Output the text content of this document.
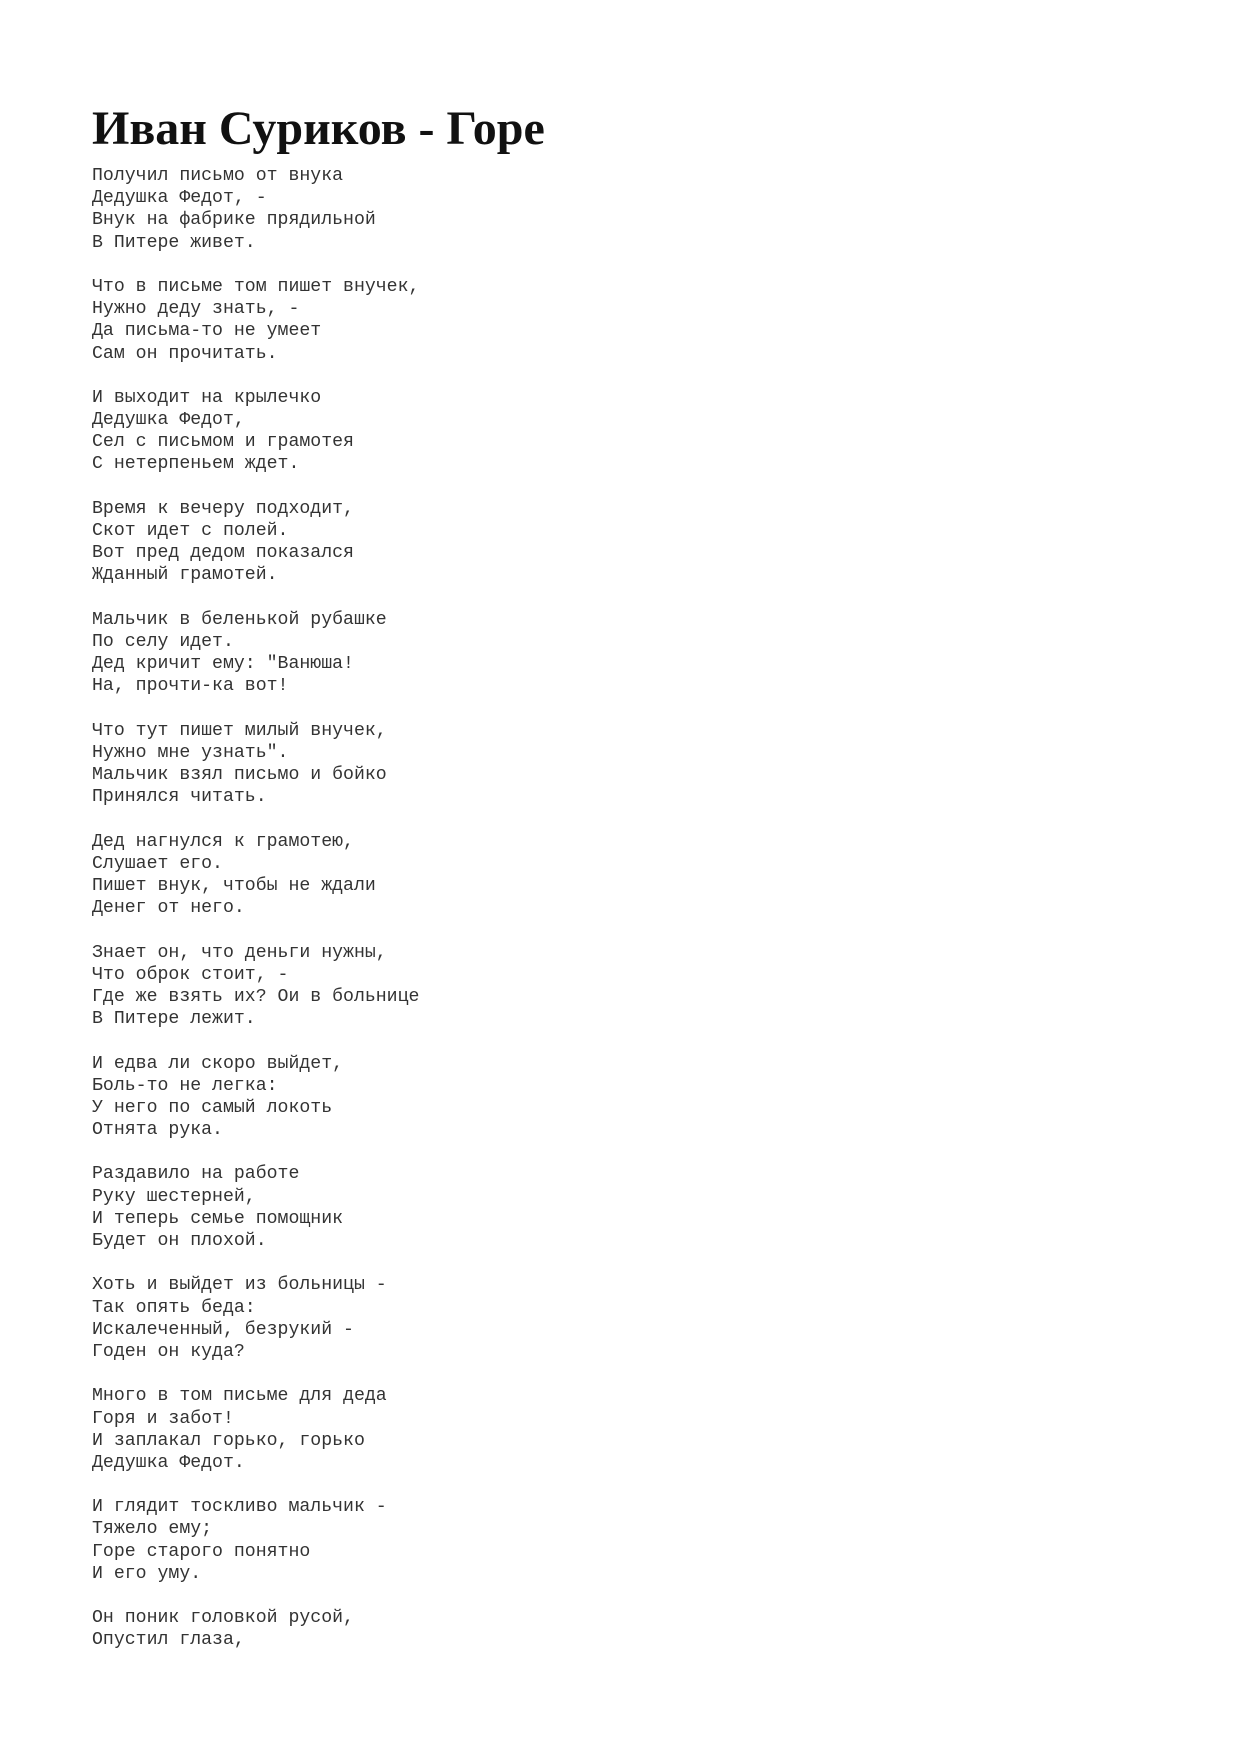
Иван Суриков - Горе
Получил письмо от внука
Дедушка Федот, -
Внук на фабрике прядильной
В Питере живет.
Что в письме том пишет внучек,
Нужно деду знать, -
Да письма-то не умеет
Сам он прочитать.
И выходит на крылечко
Дедушка Федот,
Сел с письмом и грамотея
С нетерпеньем ждет.
Время к вечеру подходит,
Скот идет с полей.
Вот пред дедом показался
Жданный грамотей.
Мальчик в беленькой рубашке
По селу идет.
Дед кричит ему: "Ванюша!
На, прочти-ка вот!
Что тут пишет милый внучек,
Нужно мне узнать".
Мальчик взял письмо и бойко
Принялся читать.
Дед нагнулся к грамотею,
Слушает его.
Пишет внук, чтобы не ждали
Денег от него.
Знает он, что деньги нужны,
Что оброк стоит, -
Где же взять их? Ои в больнице
В Питере лежит.
И едва ли скоро выйдет,
Боль-то не легка:
У него по самый локоть
Отнята рука.
Раздавило на работе
Руку шестерней,
И теперь семье помощник
Будет он плохой.
Хоть и выйдет из больницы -
Так опять беда:
Искалеченный, безрукий -
Годен он куда?
Много в том письме для деда
Горя и забот!
И заплакал горько, горько
Дедушка Федот.
И глядит тоскливо мальчик -
Тяжело ему;
Горе старого понятно
И его уму.
Он поник головкой русой,
Опустил глаза,
